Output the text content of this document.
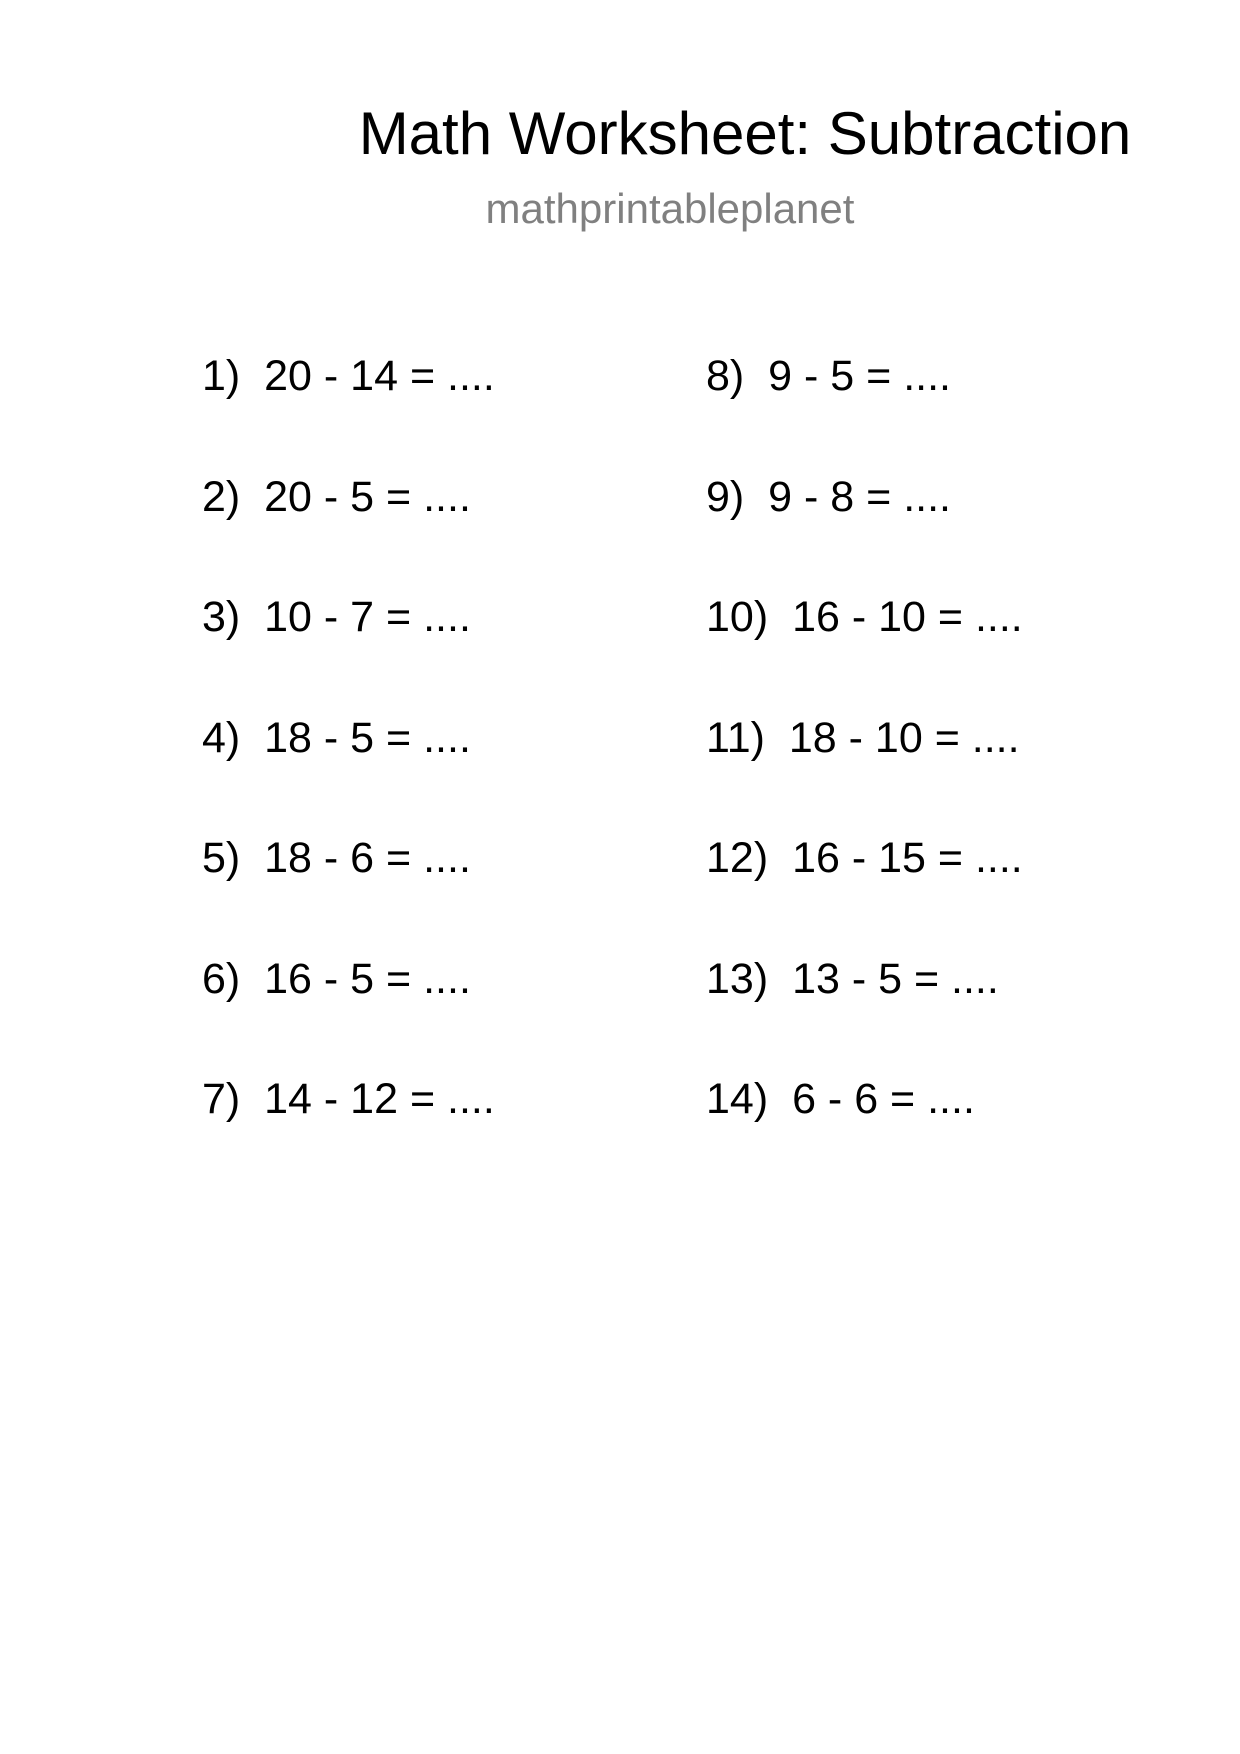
Math Worksheet: Subtraction
mathprintableplanet
1) 20 - 14 = ....
2) 20 - 5 = ....
3) 10 - 7 = ....
4) 18 - 5 = ....
5) 18 - 6 = ....
6) 16 - 5 = ....
7) 14 - 12 = ....
8) 9 - 5 = ....
9) 9 - 8 = ....
10) 16 - 10 = ....
11) 18 - 10 = ....
12) 16 - 15 = ....
13) 13 - 5 = ....
14) 6 - 6 = ....
